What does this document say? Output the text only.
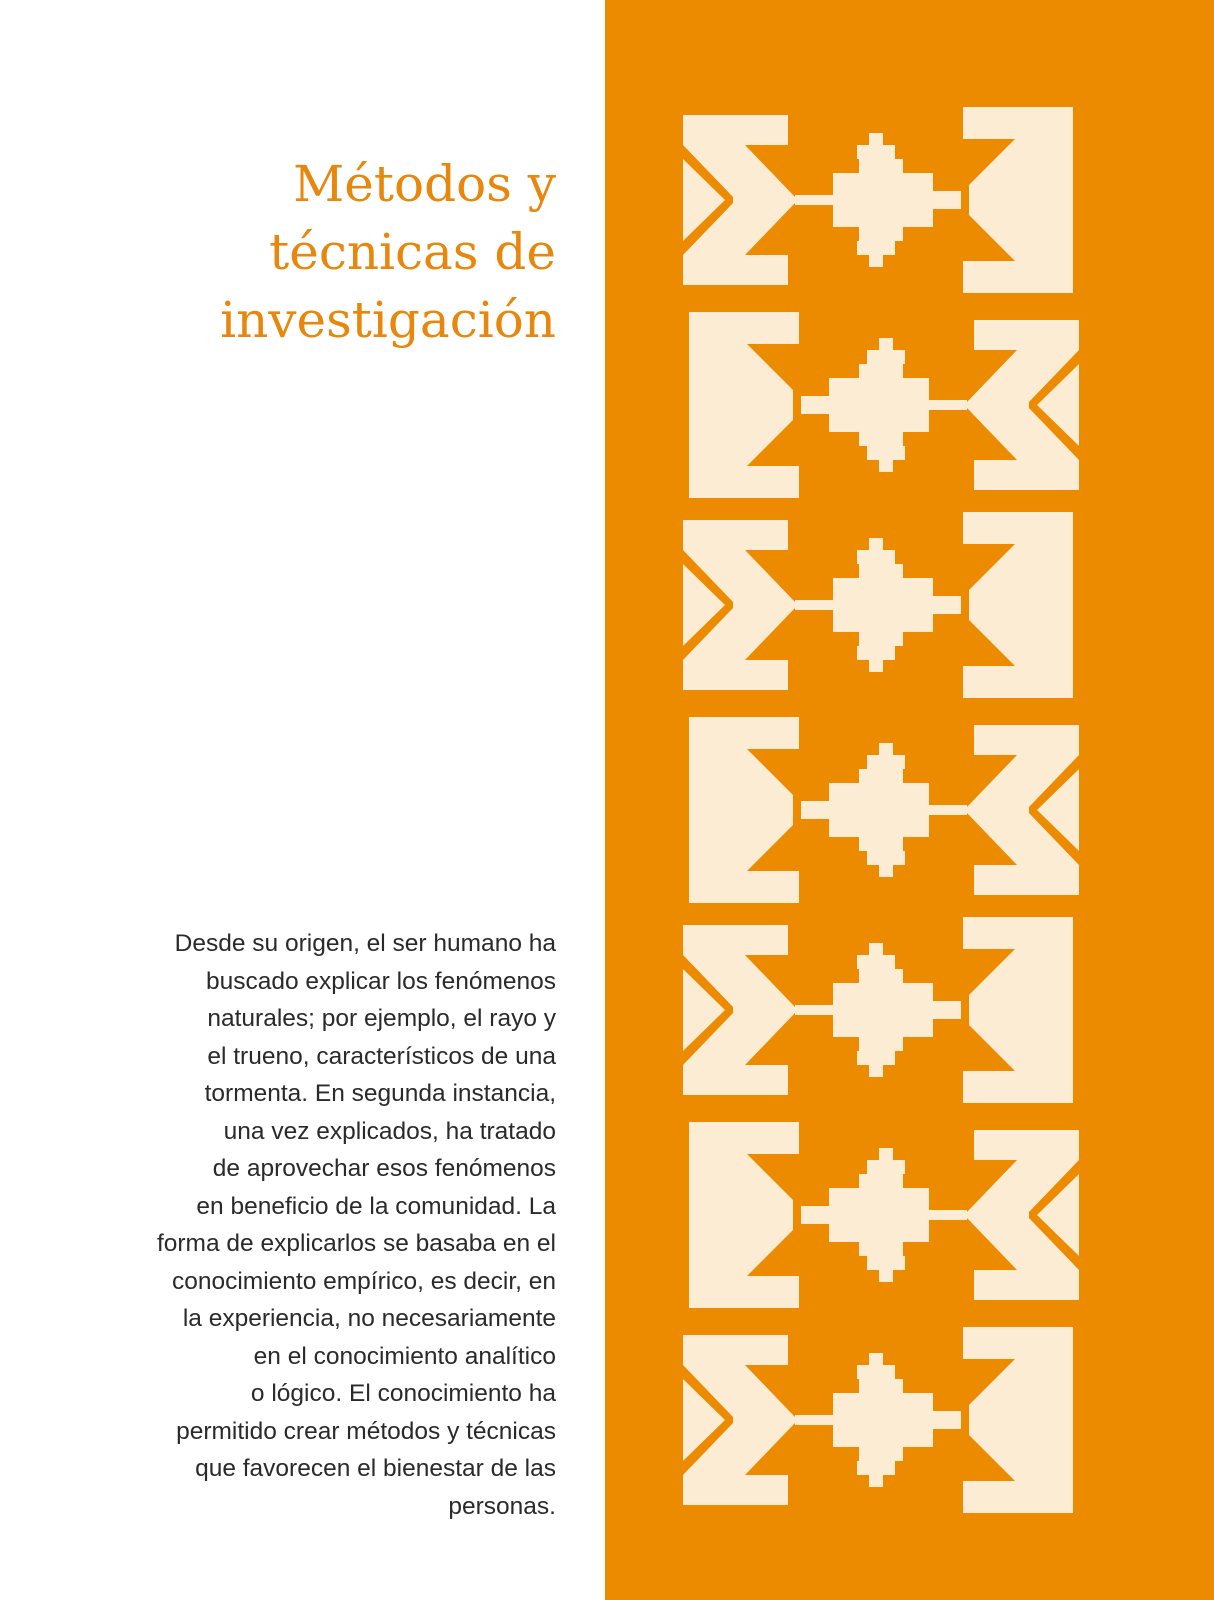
Métodos y
técnicas de
investigación

Desde su origen, el ser humano ha
buscado explicar los fenómenos
naturales; por ejemplo, el rayo y
el trueno, característicos de una
tormenta. En segunda instancia,
una vez explicados, ha tratado
de aprovechar esos fenómenos
en beneficio de la comunidad. La
forma de explicarlos se basaba en el
conocimiento empírico, es decir, en
la experiencia, no necesariamente
en el conocimiento analítico
o lógico. El conocimiento ha
permitido crear métodos y técnicas
que favorecen el bienestar de las
personas.
